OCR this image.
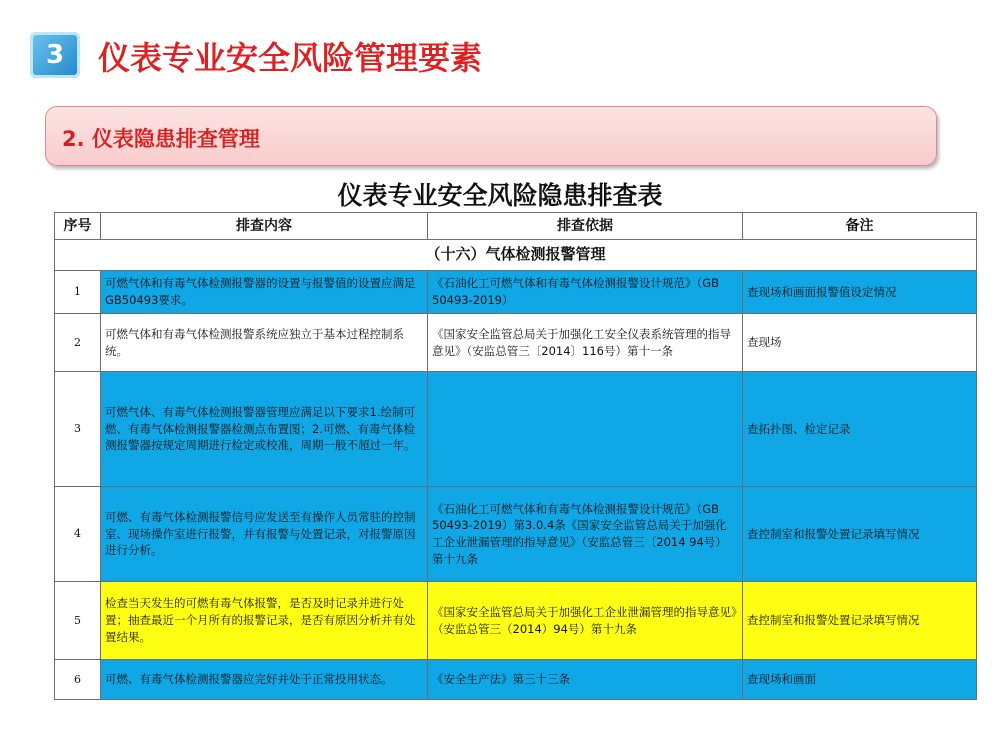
3	仪表专业安全风险管理要素
2. 仪表隐患排查管理
仪表专业安全风险隐患排查表
序号	排查内容	排查依据	备注
（十六）气体检测报警管理			
1	可燃气体和有毒气体检测报警器的设置与报警值的设置应满足GB50493要求。	《石油化工可燃气体和有毒气体检测报警设计规范》（GB 50493-2019）	查现场和画面报警值设定情况
2	可燃气体和有毒气体检测报警系统应独立于基本过程控制系统。	《国家安全监管总局关于加强化工安全仪表系统管理的指导意见》（安监总管三〔2014〕116号）第十一条	查现场
3	可燃气体、有毒气体检测报警器管理应满足以下要求1.绘制可燃、有毒气体检测报警器检测点布置图；2.可燃、有毒气体检测报警器按规定周期进行检定或校准，周期一般不超过一年。		查拓扑图、检定记录
4	可燃、有毒气体检测报警信号应发送至有操作人员常驻的控制室、现场操作室进行报警，并有报警与处置记录，对报警原因进行分析。	《石油化工可燃气体和有毒气体检测报警设计规范》（GB 50493-2019）第3.0.4条《国家安全监管总局关于加强化工企业泄漏管理的指导意见》（安监总管三〔2014 94号）第十九条	查控制室和报警处置记录填写情况
5	检查当天发生的可燃有毒气体报警，是否及时记录并进行处置；抽查最近一个月所有的报警记录，是否有原因分析并有处置结果。	《国家安全监管总局关于加强化工企业泄漏管理的指导意见》（安监总管三（2014）94号）第十九条	查控制室和报警处置记录填写情况
6	可燃、有毒气体检测报警器应完好并处于正常投用状态。	《安全生产法》第三十三条	查现场和画面
